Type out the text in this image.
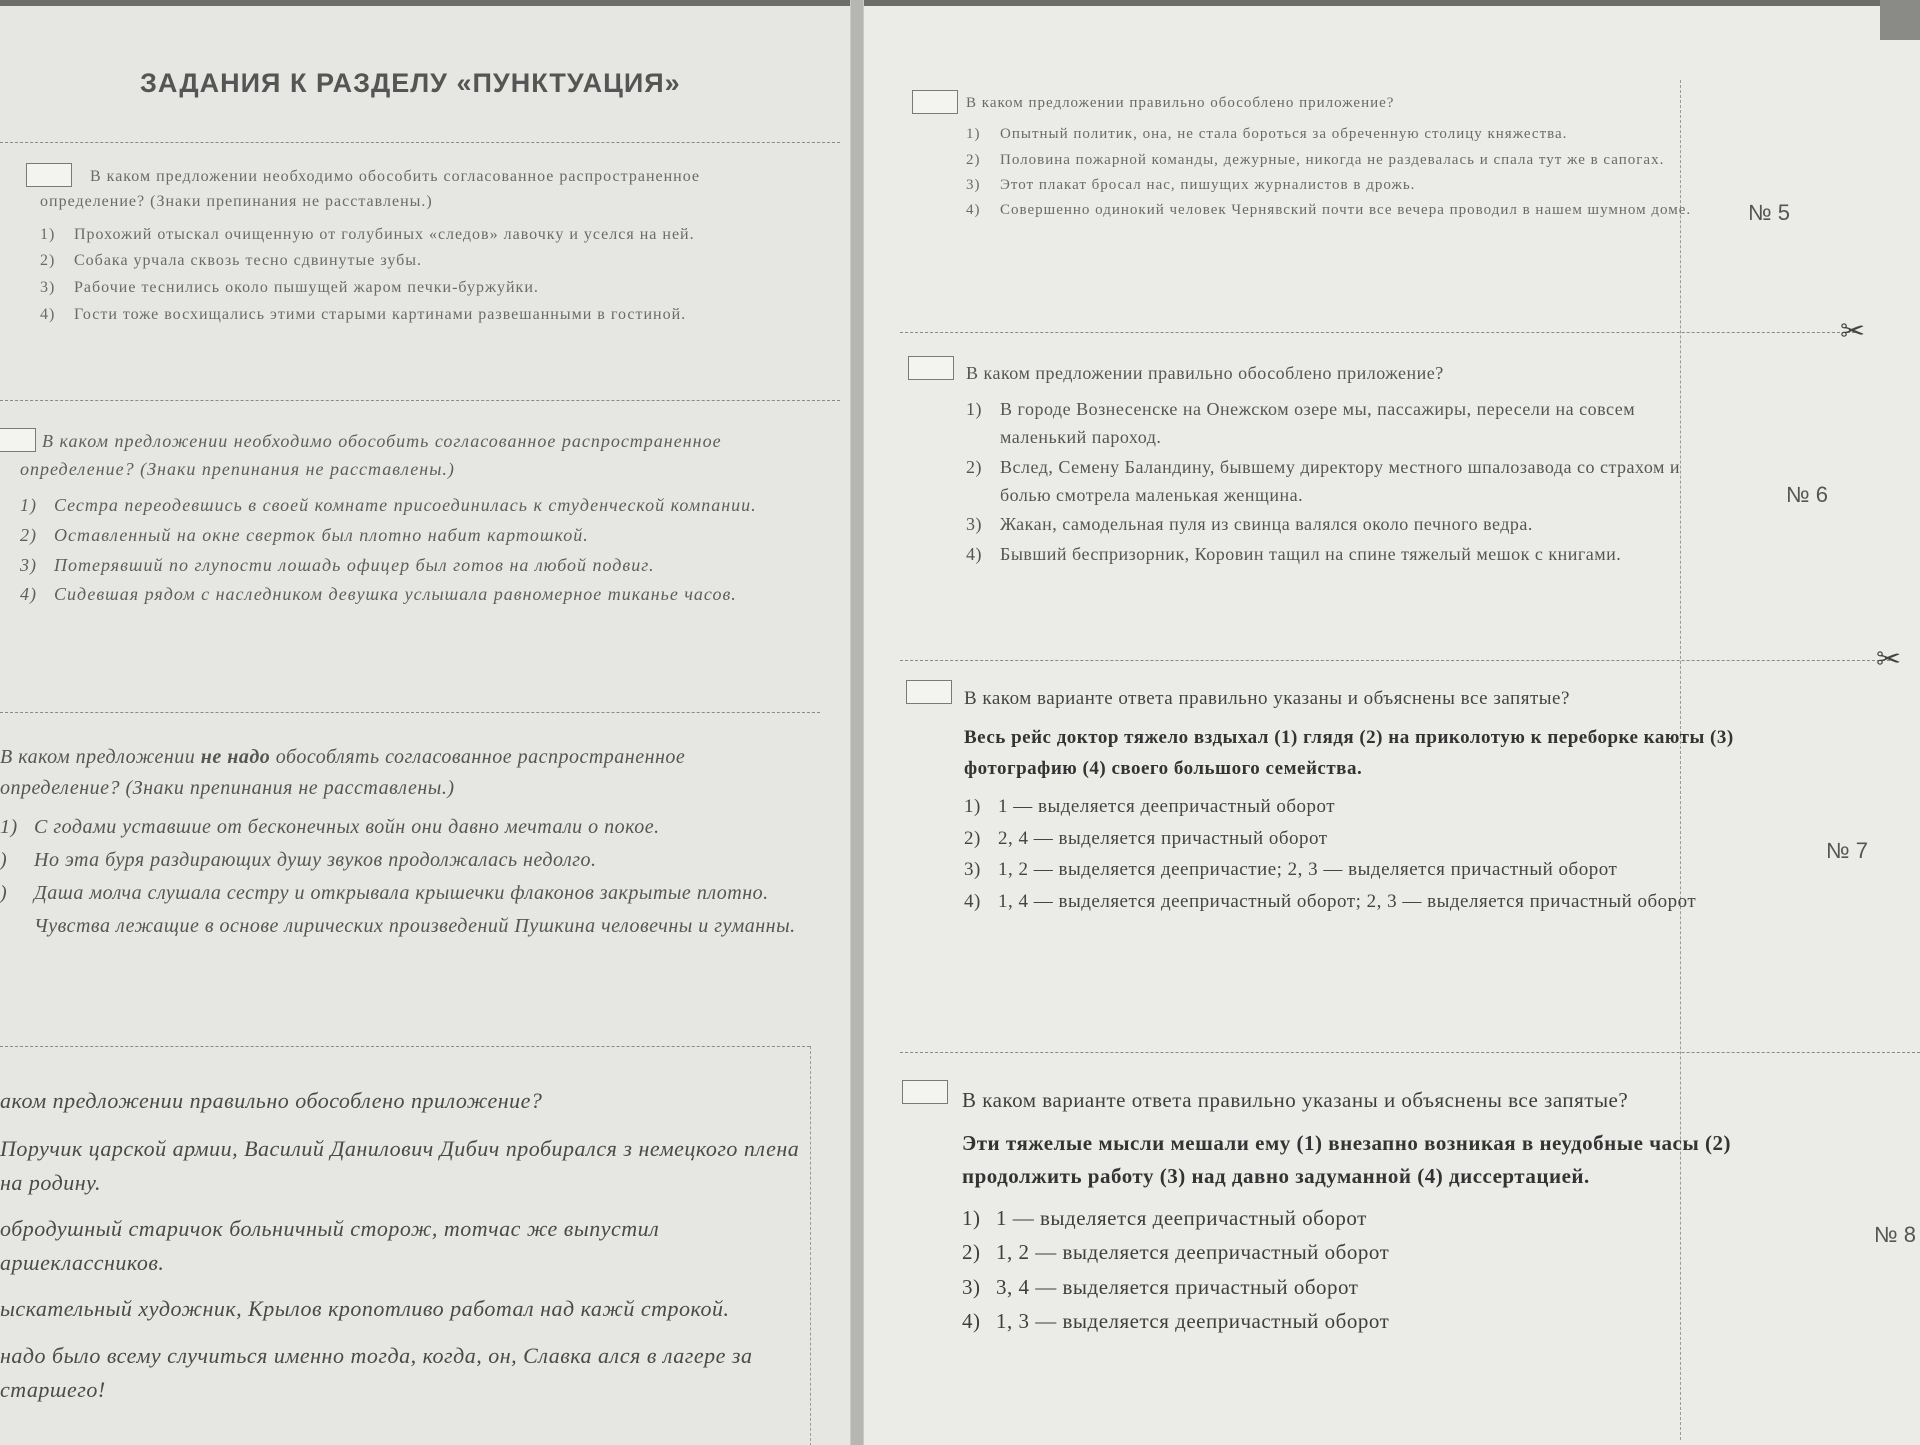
ЗАДАНИЯ К РАЗДЕЛУ «ПУНКТУАЦИЯ»

В каком предложении необходимо обособить согласованное распространенное определение? (Знаки препинания не расставлены.)

1)	Прохожий отыскал очищенную от голубиных «следов» лавочку и уселся на ней.
2)	Собака урчала сквозь тесно сдвинутые зубы.
3)	Рабочие теснились около пышущей жаром печки-буржуйки.
4)	Гости тоже восхищались этими старыми картинами развешанными в гостиной.

В каком предложении необходимо обособить согласованное распространенное определение? (Знаки препинания не расставлены.)

1) Сестра переодевшись в своей комнате присоединилась к студенческой компании.
2) Оставленный на окне сверток был плотно набит картошкой.
3) Потерявший по глупости лошадь офицер был готов на любой подвиг.
4) Сидевшая рядом с наследником девушка услышала равномерное тиканье часов.

В каком предложении не надо обособлять согласованное распространенное определение? (Знаки препинания не расставлены.)

1) С годами уставшие от бесконечных войн они давно мечтали о покое.
)	Но эта буря раздирающих душу звуков продолжалась недолго.
)	Даша молча слушала сестру и открывала крышечки флаконов закрытые плотно.
Чувства лежащие в основе лирических произведений Пушкина человечны и гуманны.

аком предложении правильно обособлено приложение?

Поручик царской армии, Василий Данилович Дибич пробирался з немецкого плена на родину.
обродушный старичок больничный сторож, тотчас же выпустил аршеклассников.
ыскательный художник, Крылов кропотливо работал над кажй строкой.
надо было всему случиться именно тогда, когда, он, Славка ался в лагере за старшего!

В каком предложении правильно обособлено приложение?

1)	Опытный политик, она, не стала бороться за обреченную столицу княжества.
2)	Половина пожарной команды, дежурные, никогда не раздевалась и спала тут же в сапогах.
3)	Этот плакат бросал нас, пишущих журналистов в дрожь.
4)	Совершенно одинокий человек Чернявский почти все вечера проводил в нашем шумном доме.	№ 5
✂

В каком предложении правильно обособлено приложение?

1)	В городе Вознесенске на Онежском озере мы, пассажиры, пересели на совсем маленький пароход.
2)	Вслед, Семену Баландину, бывшему директору местного шпалозавода со страхом и болью смотрела маленькая женщина.
3)	Жакан, самодельная пуля из свинца валялся около печного ведра.
4)	Бывший беспризорник, Коровин тащил на спине тяжелый мешок с книгами.
№ 6
✂

В каком варианте ответа правильно указаны и объяснены все запятые?

Весь рейс доктор тяжело вздыхал (1) глядя (2) на приколотую к переборке каюты (3) фотографию (4) своего большого семейства.

1) 1 — выделяется деепричастный оборот
2) 2, 4 — выделяется причастный оборот
3) 1, 2 — выделяется деепричастие; 2, 3 — выделяется причастный оборот
4) 1, 4 — выделяется деепричастный оборот; 2, 3 — выделяется причастный оборот
№ 7

В каком варианте ответа правильно указаны и объяснены все запятые?

Эти тяжелые мысли мешали ему (1) внезапно возникая в неудобные часы (2) продолжить работу (3) над давно задуманной (4) диссертацией.

1) 1 — выделяется деепричастный оборот
2) 1, 2 — выделяется деепричастный оборот
3) 3, 4 — выделяется причастный оборот
4) 1, 3 — выделяется деепричастный оборот
№ 8
